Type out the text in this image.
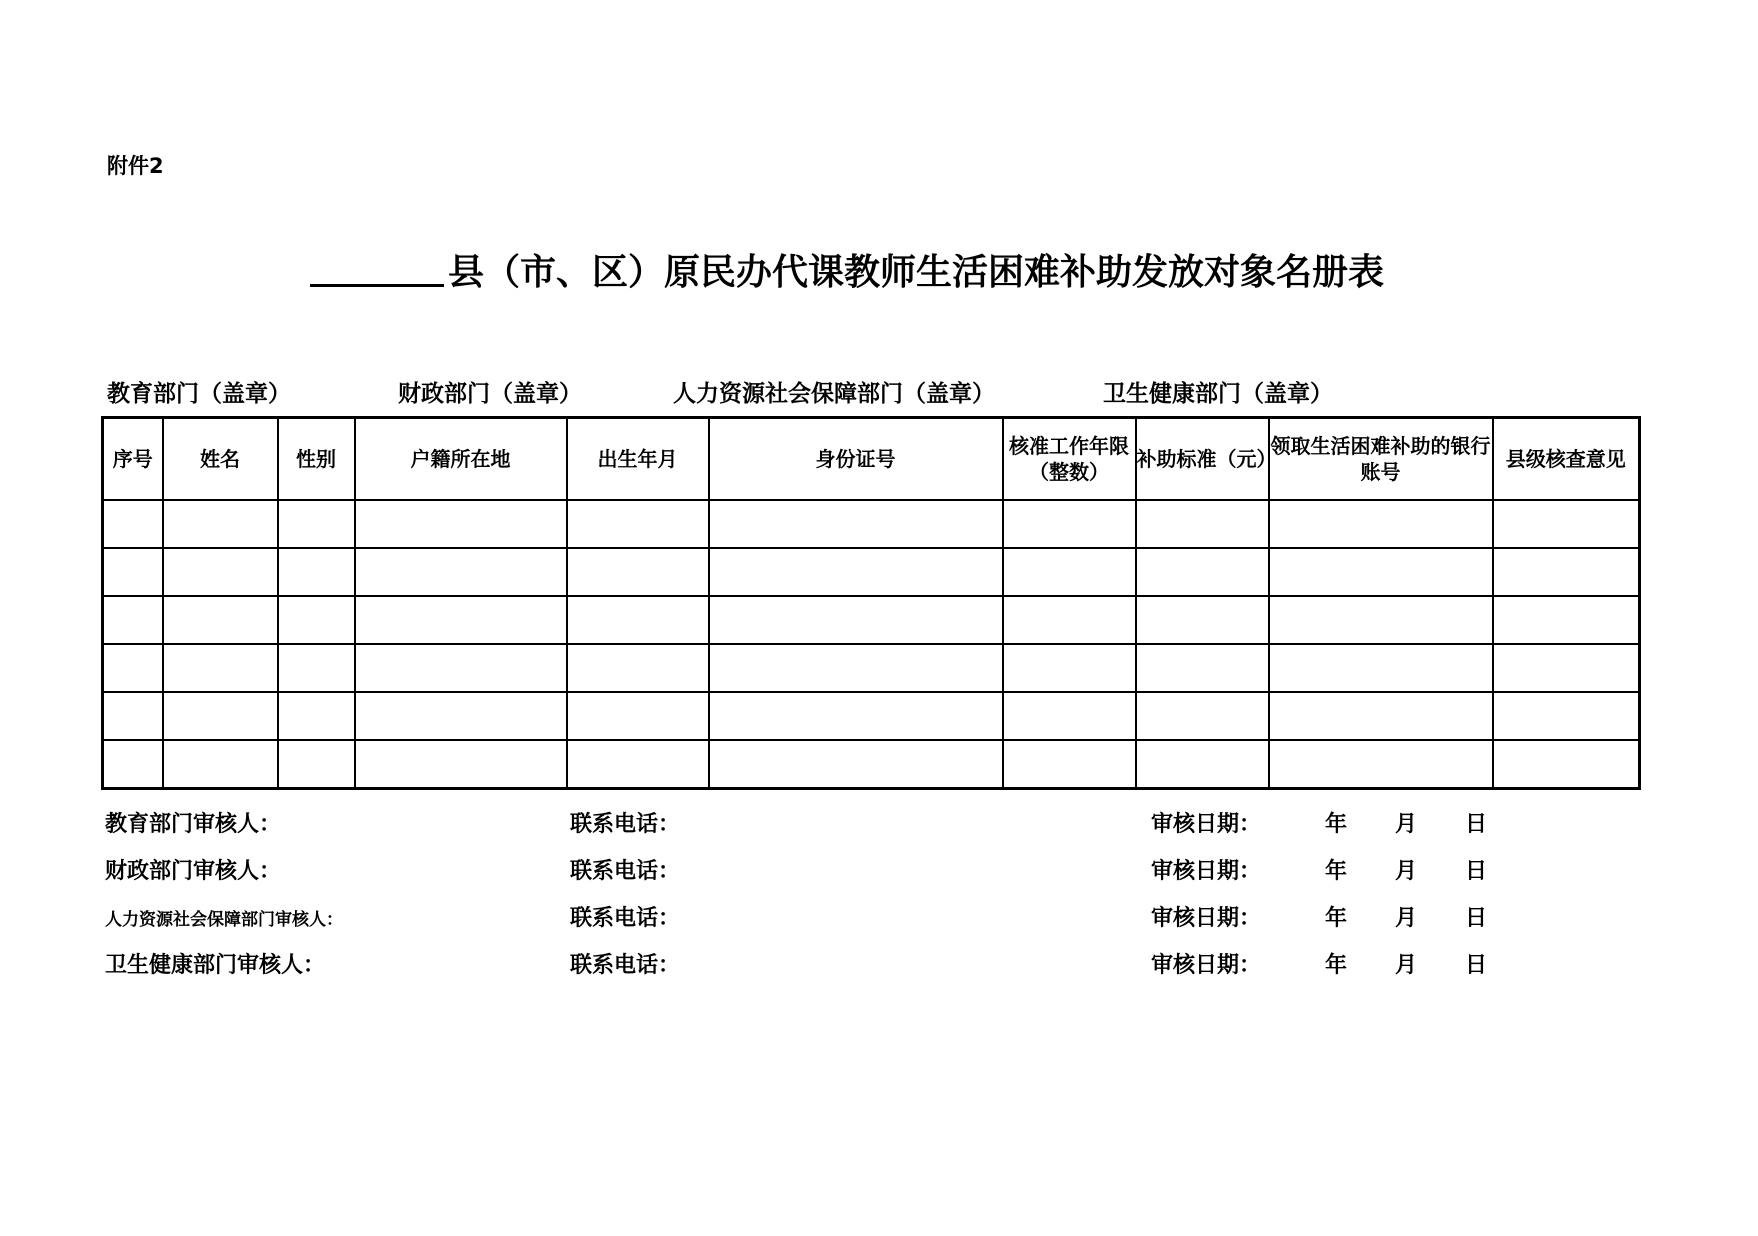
附件2
县（市、区）原民办代课教师生活困难补助发放对象名册表
教育部门（盖章）	财政部门（盖章）	人力资源社会保障部门（盖章）	卫生健康部门（盖章）
序号	姓名	性别	户籍所在地	出生年月	身份证号	核准工作年限（整数）	补助标准（元）	领取生活困难补助的银行账号	县级核查意见

教育部门审核人：	联系电话：	审核日期：	年 月 日
财政部门审核人：	联系电话：	审核日期：	年 月 日
人力资源社会保障部门审核人：	联系电话：	审核日期：	年 月 日
卫生健康部门审核人：	联系电话：	审核日期：	年 月 日
